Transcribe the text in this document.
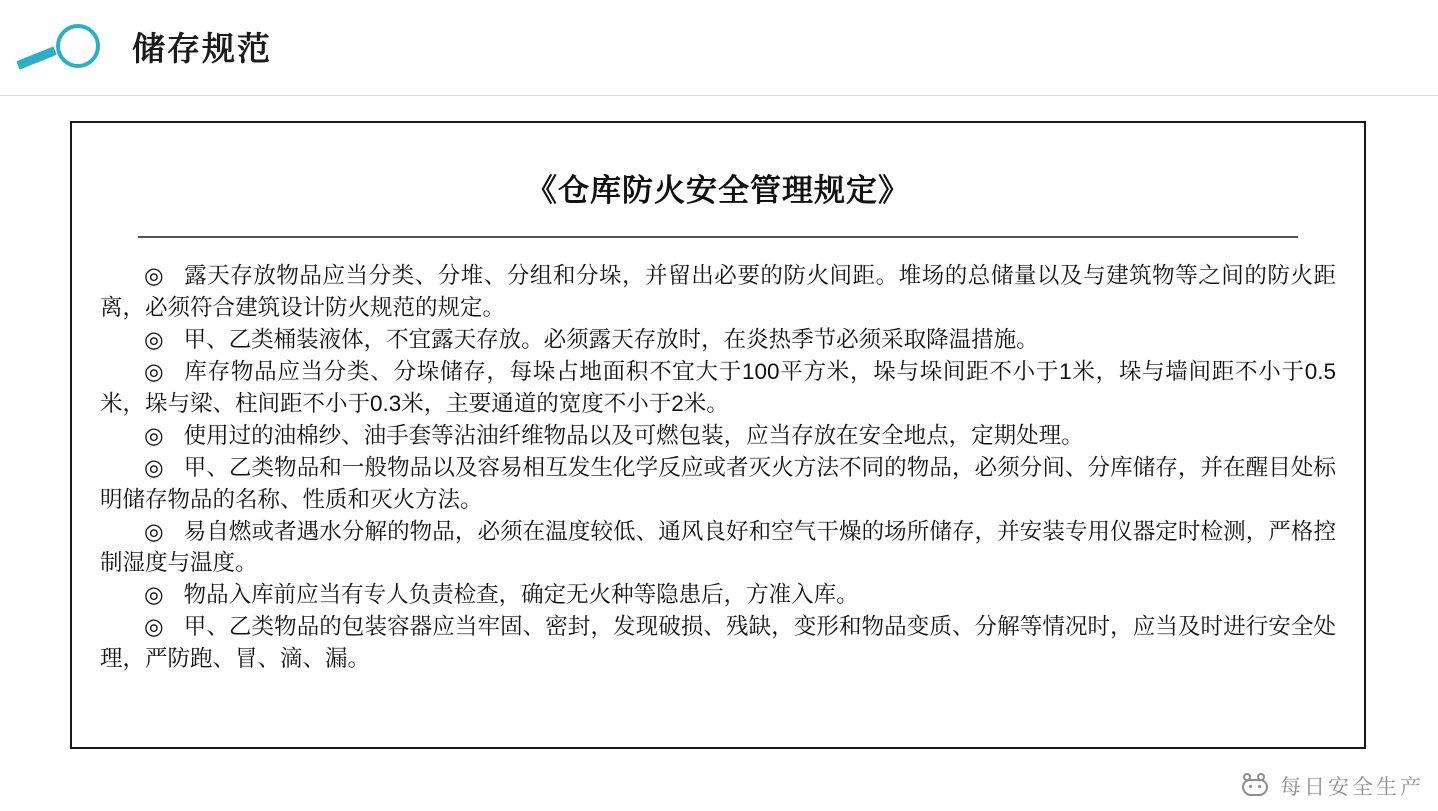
储存规范
《仓库防火安全管理规定》

◎ 露天存放物品应当分类、分堆、分组和分垛，并留出必要的防火间距。堆场的总储量以及与建筑物等之间的防火距离，必须符合建筑设计防火规范的规定。

◎ 甲、乙类桶装液体，不宜露天存放。必须露天存放时，在炎热季节必须采取降温措施。

◎ 库存物品应当分类、分垛储存，每垛占地面积不宜大于100平方米，垛与垛间距不小于1米，垛与墙间距不小于0.5米，垛与梁、柱间距不小于0.3米，主要通道的宽度不小于2米。

◎ 使用过的油棉纱、油手套等沾油纤维物品以及可燃包装，应当存放在安全地点，定期处理。

◎ 甲、乙类物品和一般物品以及容易相互发生化学反应或者灭火方法不同的物品，必须分间、分库储存，并在醒目处标明储存物品的名称、性质和灭火方法。

◎ 易自燃或者遇水分解的物品，必须在温度较低、通风良好和空气干燥的场所储存，并安装专用仪器定时检测，严格控制湿度与温度。

◎ 物品入库前应当有专人负责检查，确定无火种等隐患后，方准入库。

◎ 甲、乙类物品的包装容器应当牢固、密封，发现破损、残缺，变形和物品变质、分解等情况时，应当及时进行安全处理，严防跑、冒、滴、漏。

每日安全生产
